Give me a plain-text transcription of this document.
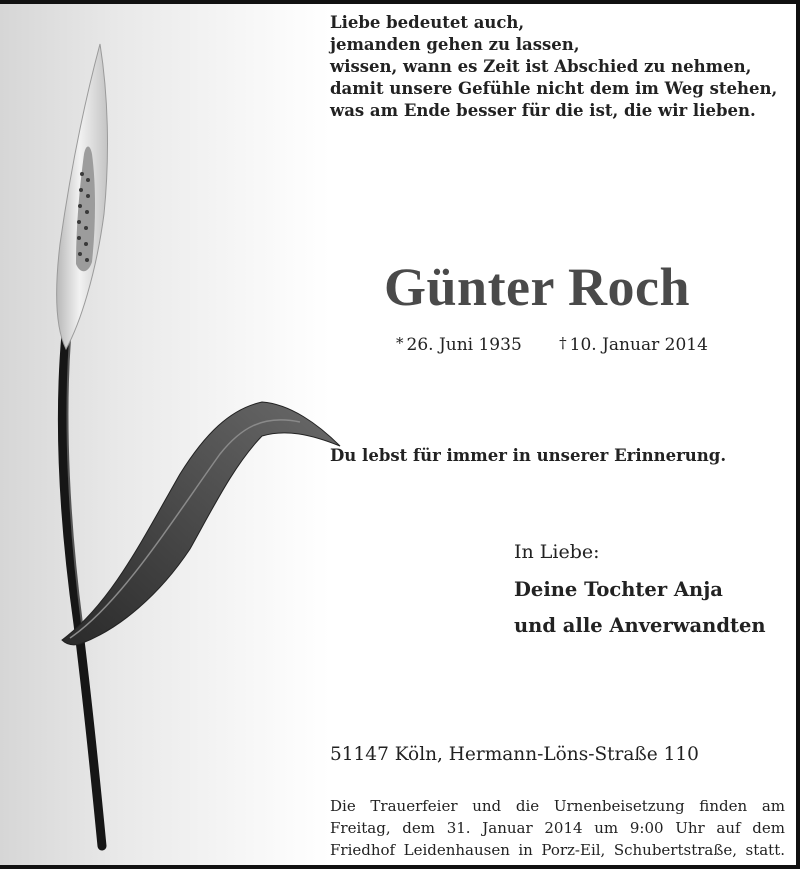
Liebe bedeutet auch,
jemanden gehen zu lassen,
wissen, wann es Zeit ist Abschied zu nehmen,
damit unsere Gefühle nicht dem im Weg stehen,
was am Ende besser für die ist, die wir lieben.
Günter Roch
* 26. Juni 1935 † 10. Januar 2014
Du lebst für immer in unserer Erinnerung.
In Liebe:
Deine Tochter Anja
und alle Anverwandten
51147 Köln, Hermann-Löns-Straße 110
Die Trauerfeier und die Urnenbeisetzung finden am
Freitag, dem 31. Januar 2014 um 9:00 Uhr auf dem
Friedhof Leidenhausen in Porz-Eil, Schubertstraße, statt.
